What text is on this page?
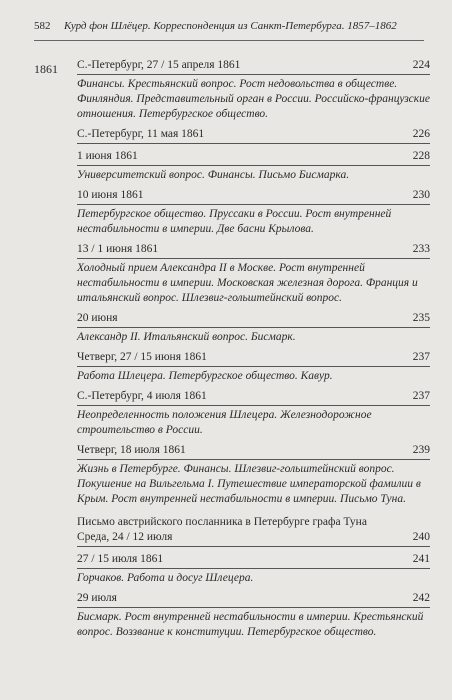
582	Курд фон Шлёцер. Корреспонденция из Санкт-Петербурга. 1857–1862
1861 С.-Петербург, 27 / 15 апреля 1861	224
Финансы. Крестьянский вопрос. Рост недовольства в обществе. Финляндия. Представительный орган в России. Российско-французские отношения. Петербургское общество.
С.-Петербург, 11 мая 1861	226
1 июня 1861	228
Университетский вопрос. Финансы. Письмо Бисмарка.
10 июня 1861	230
Петербургское общество. Пруссаки в России. Рост внутренней нестабильности в империи. Две басни Крылова.
13 / 1 июня 1861	233
Холодный прием Александра II в Москве. Рост внутренней нестабильности в империи. Московская железная дорога. Франция и итальянский вопрос. Шлезвиг-гольштейнский вопрос.
20 июня	235
Александр II. Итальянский вопрос. Бисмарк.
Четверг, 27 / 15 июня 1861	237
Работа Шлецера. Петербургское общество. Кавур.
С.-Петербург, 4 июля 1861	237
Неопределенность положения Шлецера. Железнодорожное строительство в России.
Четверг, 18 июля 1861	239
Жизнь в Петербурге. Финансы. Шлезвиг-гольштейнский вопрос. Покушение на Вильгельма I. Путешествие императорской фамилии в Крым. Рост внутренней нестабильности в империи. Письмо Туна.
Письмо австрийского посланника в Петербурге графа Туна
Среда, 24 / 12 июля	240
27 / 15 июля 1861	241
Горчаков. Работа и досуг Шлецера.
29 июля	242
Бисмарк. Рост внутренней нестабильности в империи. Крестьянский вопрос. Воззвание к конституции. Петербургское общество.
